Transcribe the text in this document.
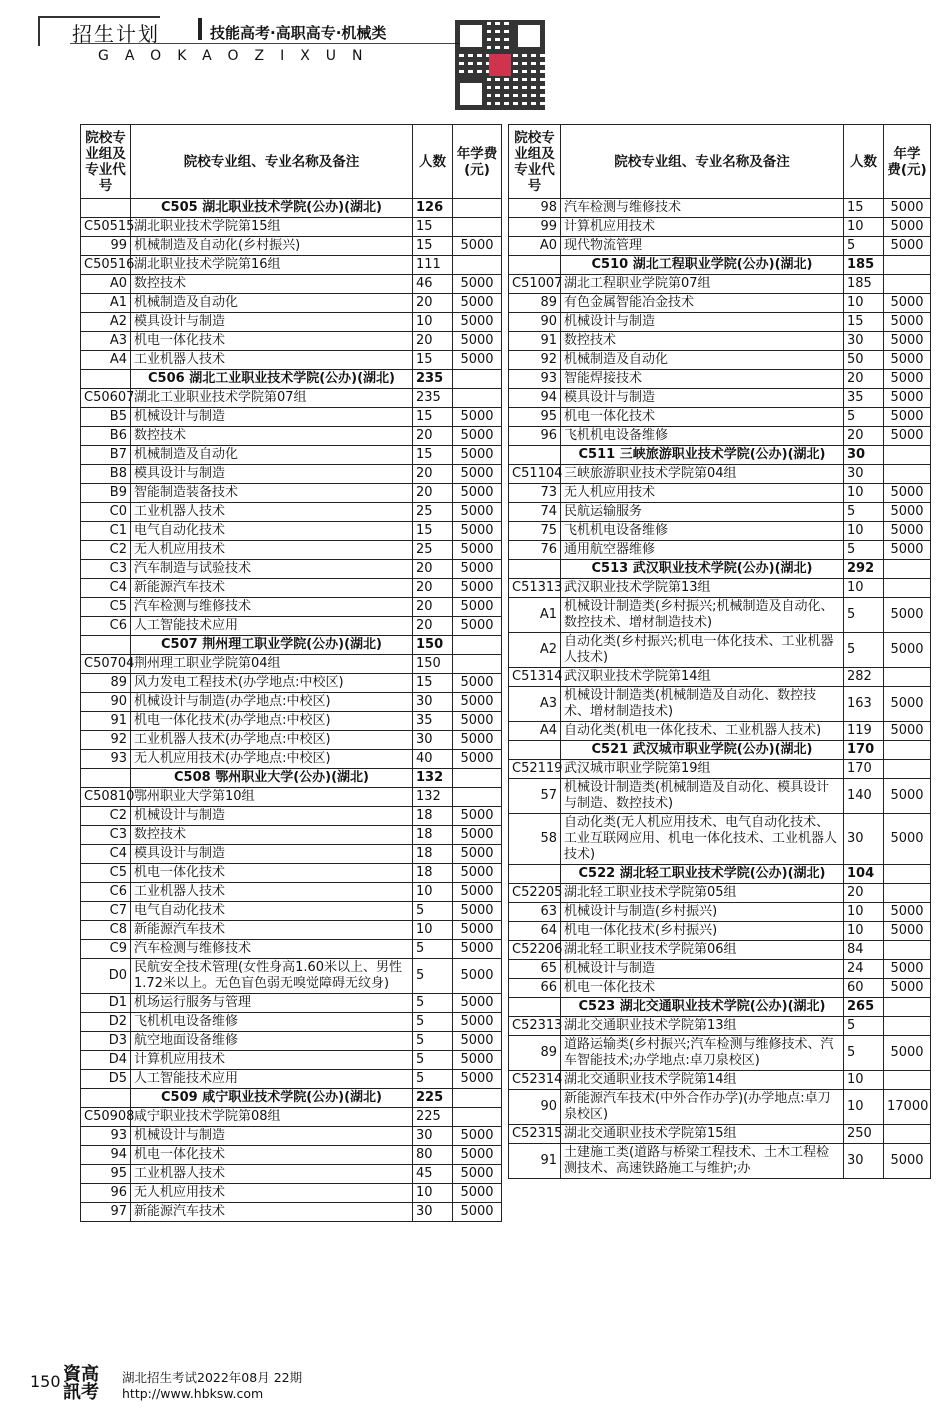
招生计划	技能高考·高职高专·机械类
GAOKAOZIXUN
院校专业组及专业代号	院校专业组、专业名称及备注	人数	年学费(元)
	C505 湖北职业技术学院(公办)(湖北)	126	
C50515	湖北职业技术学院第15组	15	
99	机械制造及自动化(乡村振兴)	15	5000
C50516	湖北职业技术学院第16组	111	
A0	数控技术	46	5000
A1	机械制造及自动化	20	5000
A2	模具设计与制造	10	5000
A3	机电一体化技术	20	5000
A4	工业机器人技术	15	5000
	C506 湖北工业职业技术学院(公办)(湖北)	235	
C50607	湖北工业职业技术学院第07组	235	
B5	机械设计与制造	15	5000
B6	数控技术	20	5000
B7	机械制造及自动化	15	5000
B8	模具设计与制造	20	5000
B9	智能制造装备技术	20	5000
C0	工业机器人技术	25	5000
C1	电气自动化技术	15	5000
C2	无人机应用技术	25	5000
C3	汽车制造与试验技术	20	5000
C4	新能源汽车技术	20	5000
C5	汽车检测与维修技术	20	5000
C6	人工智能技术应用	20	5000
	C507 荆州理工职业学院(公办)(湖北)	150	
C50704	荆州理工职业学院第04组	150	
89	风力发电工程技术(办学地点:中校区)	15	5000
90	机械设计与制造(办学地点:中校区)	30	5000
91	机电一体化技术(办学地点:中校区)	35	5000
92	工业机器人技术(办学地点:中校区)	30	5000
93	无人机应用技术(办学地点:中校区)	40	5000
	C508 鄂州职业大学(公办)(湖北)	132	
C50810	鄂州职业大学第10组	132	
C2	机械设计与制造	18	5000
C3	数控技术	18	5000
C4	模具设计与制造	18	5000
C5	机电一体化技术	18	5000
C6	工业机器人技术	10	5000
C7	电气自动化技术	5	5000
C8	新能源汽车技术	10	5000
C9	汽车检测与维修技术	5	5000
D0	民航安全技术管理(女性身高1.60米以上、男性1.72米以上。无色盲色弱无嗅觉障碍无纹身)	5	5000
D1	机场运行服务与管理	5	5000
D2	飞机机电设备维修	5	5000
D3	航空地面设备维修	5	5000
D4	计算机应用技术	5	5000
D5	人工智能技术应用	5	5000
	C509 咸宁职业技术学院(公办)(湖北)	225	
C50908	咸宁职业技术学院第08组	225	
93	机械设计与制造	30	5000
94	机电一体化技术	80	5000
95	工业机器人技术	45	5000
96	无人机应用技术	10	5000
97	新能源汽车技术	30	5000
院校专业组及专业代号	院校专业组、专业名称及备注	人数	年学费(元)
98	汽车检测与维修技术	15	5000
99	计算机应用技术	10	5000
A0	现代物流管理	5	5000
	C510 湖北工程职业学院(公办)(湖北)	185	
C51007	湖北工程职业学院第07组	185	
89	有色金属智能冶金技术	10	5000
90	机械设计与制造	15	5000
91	数控技术	30	5000
92	机械制造及自动化	50	5000
93	智能焊接技术	20	5000
94	模具设计与制造	35	5000
95	机电一体化技术	5	5000
96	飞机机电设备维修	20	5000
	C511 三峡旅游职业技术学院(公办)(湖北)	30	
C51104	三峡旅游职业技术学院第04组	30	
73	无人机应用技术	10	5000
74	民航运输服务	5	5000
75	飞机机电设备维修	10	5000
76	通用航空器维修	5	5000
	C513 武汉职业技术学院(公办)(湖北)	292	
C51313	武汉职业技术学院第13组	10	
A1	机械设计制造类(乡村振兴;机械制造及自动化、数控技术、增材制造技术)	5	5000
A2	自动化类(乡村振兴;机电一体化技术、工业机器人技术)	5	5000
C51314	武汉职业技术学院第14组	282	
A3	机械设计制造类(机械制造及自动化、数控技术、增材制造技术)	163	5000
A4	自动化类(机电一体化技术、工业机器人技术)	119	5000
	C521 武汉城市职业学院(公办)(湖北)	170	
C52119	武汉城市职业学院第19组	170	
57	机械设计制造类(机械制造及自动化、模具设计与制造、数控技术)	140	5000
58	自动化类(无人机应用技术、电气自动化技术、工业互联网应用、机电一体化技术、工业机器人技术)	30	5000
	C522 湖北轻工职业技术学院(公办)(湖北)	104	
C52205	湖北轻工职业技术学院第05组	20	
63	机械设计与制造(乡村振兴)	10	5000
64	机电一体化技术(乡村振兴)	10	5000
C52206	湖北轻工职业技术学院第06组	84	
65	机械设计与制造	24	5000
66	机电一体化技术	60	5000
	C523 湖北交通职业技术学院(公办)(湖北)	265	
C52313	湖北交通职业技术学院第13组	5	
89	道路运输类(乡村振兴;汽车检测与维修技术、汽车智能技术;办学地点:卓刀泉校区)	5	5000
C52314	湖北交通职业技术学院第14组	10	
90	新能源汽车技术(中外合作办学)(办学地点:卓刀泉校区)	10	17000
C52315	湖北交通职业技术学院第15组	250	
91	土建施工类(道路与桥梁工程技术、土木工程检测技术、高速铁路施工与维护;办	30	5000
150 資高 訊考
湖北招生考试2022年08月 22期
http://www.hbksw.com
